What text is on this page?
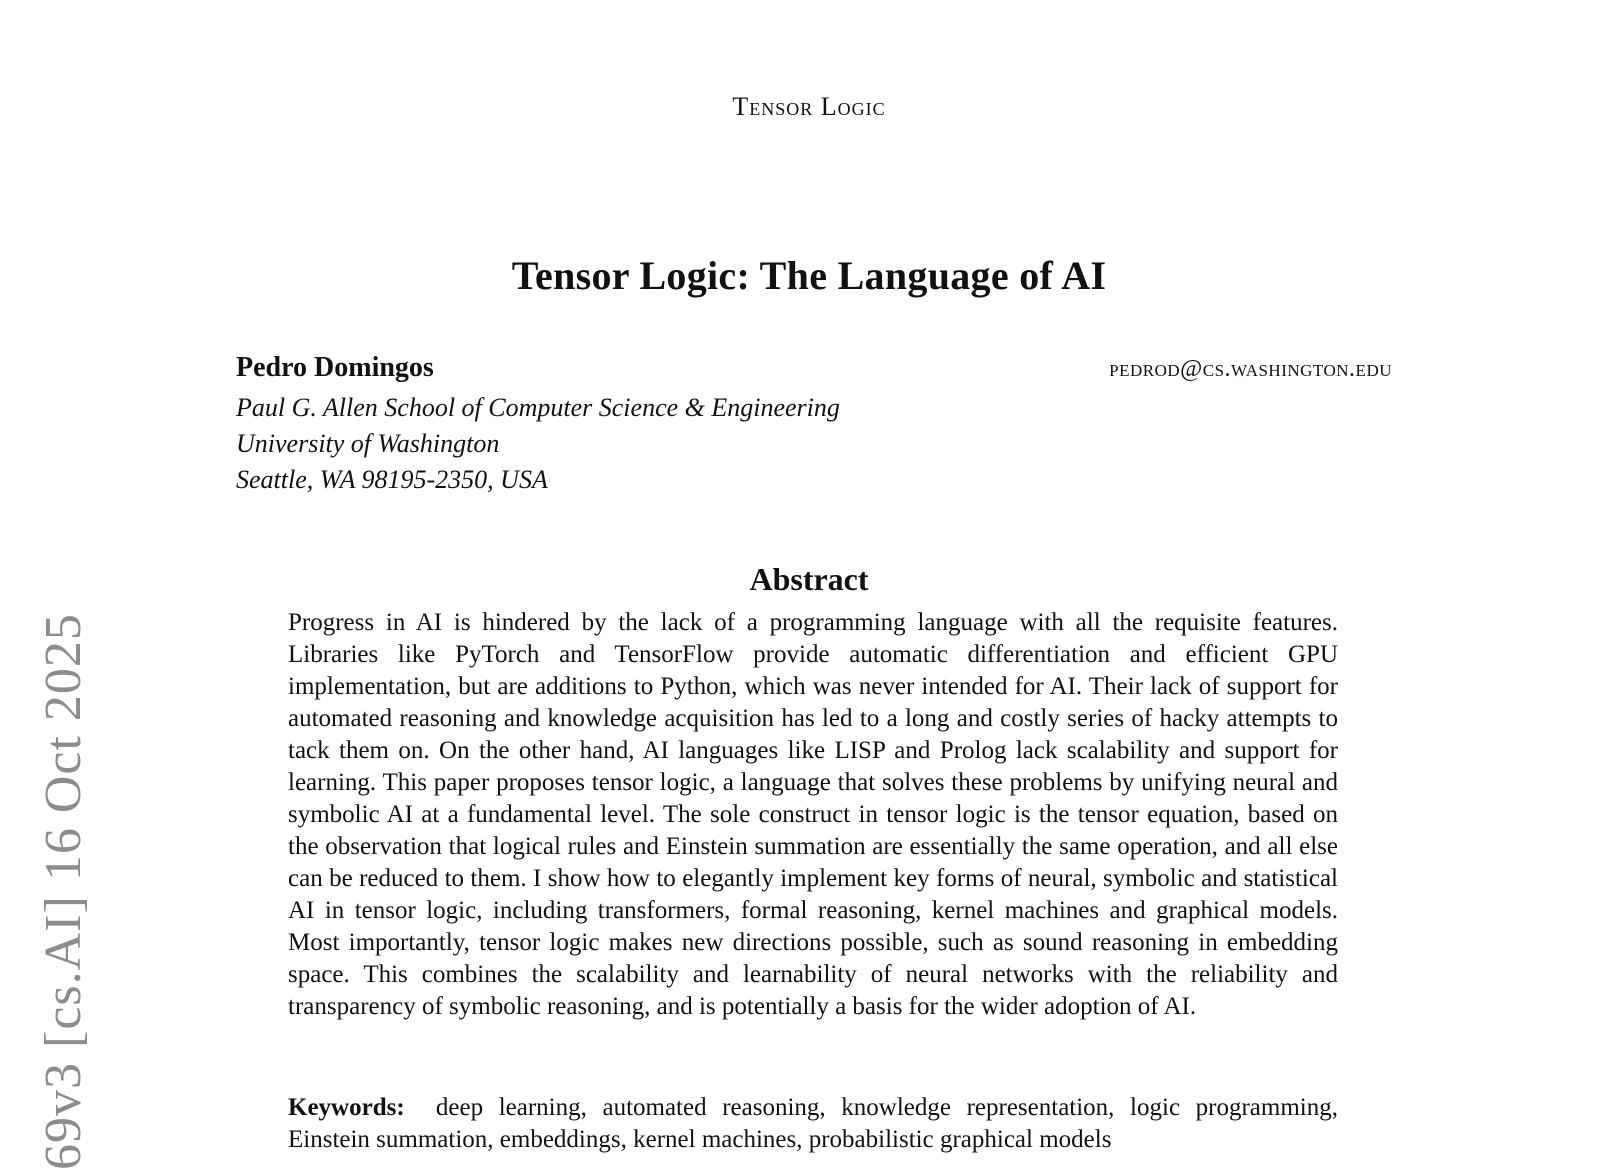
Tensor Logic
Tensor Logic: The Language of AI
Pedro Domingos	pedrod@cs.washington.edu
Paul G. Allen School of Computer Science & Engineering
University of Washington
Seattle, WA 98195-2350, USA
Abstract
Progress in AI is hindered by the lack of a programming language with all the requisite features. Libraries like PyTorch and TensorFlow provide automatic differentiation and efficient GPU implementation, but are additions to Python, which was never intended for AI. Their lack of support for automated reasoning and knowledge acquisition has led to a long and costly series of hacky attempts to tack them on. On the other hand, AI languages like LISP and Prolog lack scalability and support for learning. This paper proposes tensor logic, a language that solves these problems by unifying neural and symbolic AI at a fundamental level. The sole construct in tensor logic is the tensor equation, based on the observation that logical rules and Einstein summation are essentially the same operation, and all else can be reduced to them. I show how to elegantly implement key forms of neural, symbolic and statistical AI in tensor logic, including transformers, formal reasoning, kernel machines and graphical models. Most importantly, tensor logic makes new directions possible, such as sound reasoning in embedding space. This combines the scalability and learnability of neural networks with the reliability and transparency of symbolic reasoning, and is potentially a basis for the wider adoption of AI.
Keywords: deep learning, automated reasoning, knowledge representation, logic programming, Einstein summation, embeddings, kernel machines, probabilistic graphical models
69v3 [cs.AI] 16 Oct 2025
